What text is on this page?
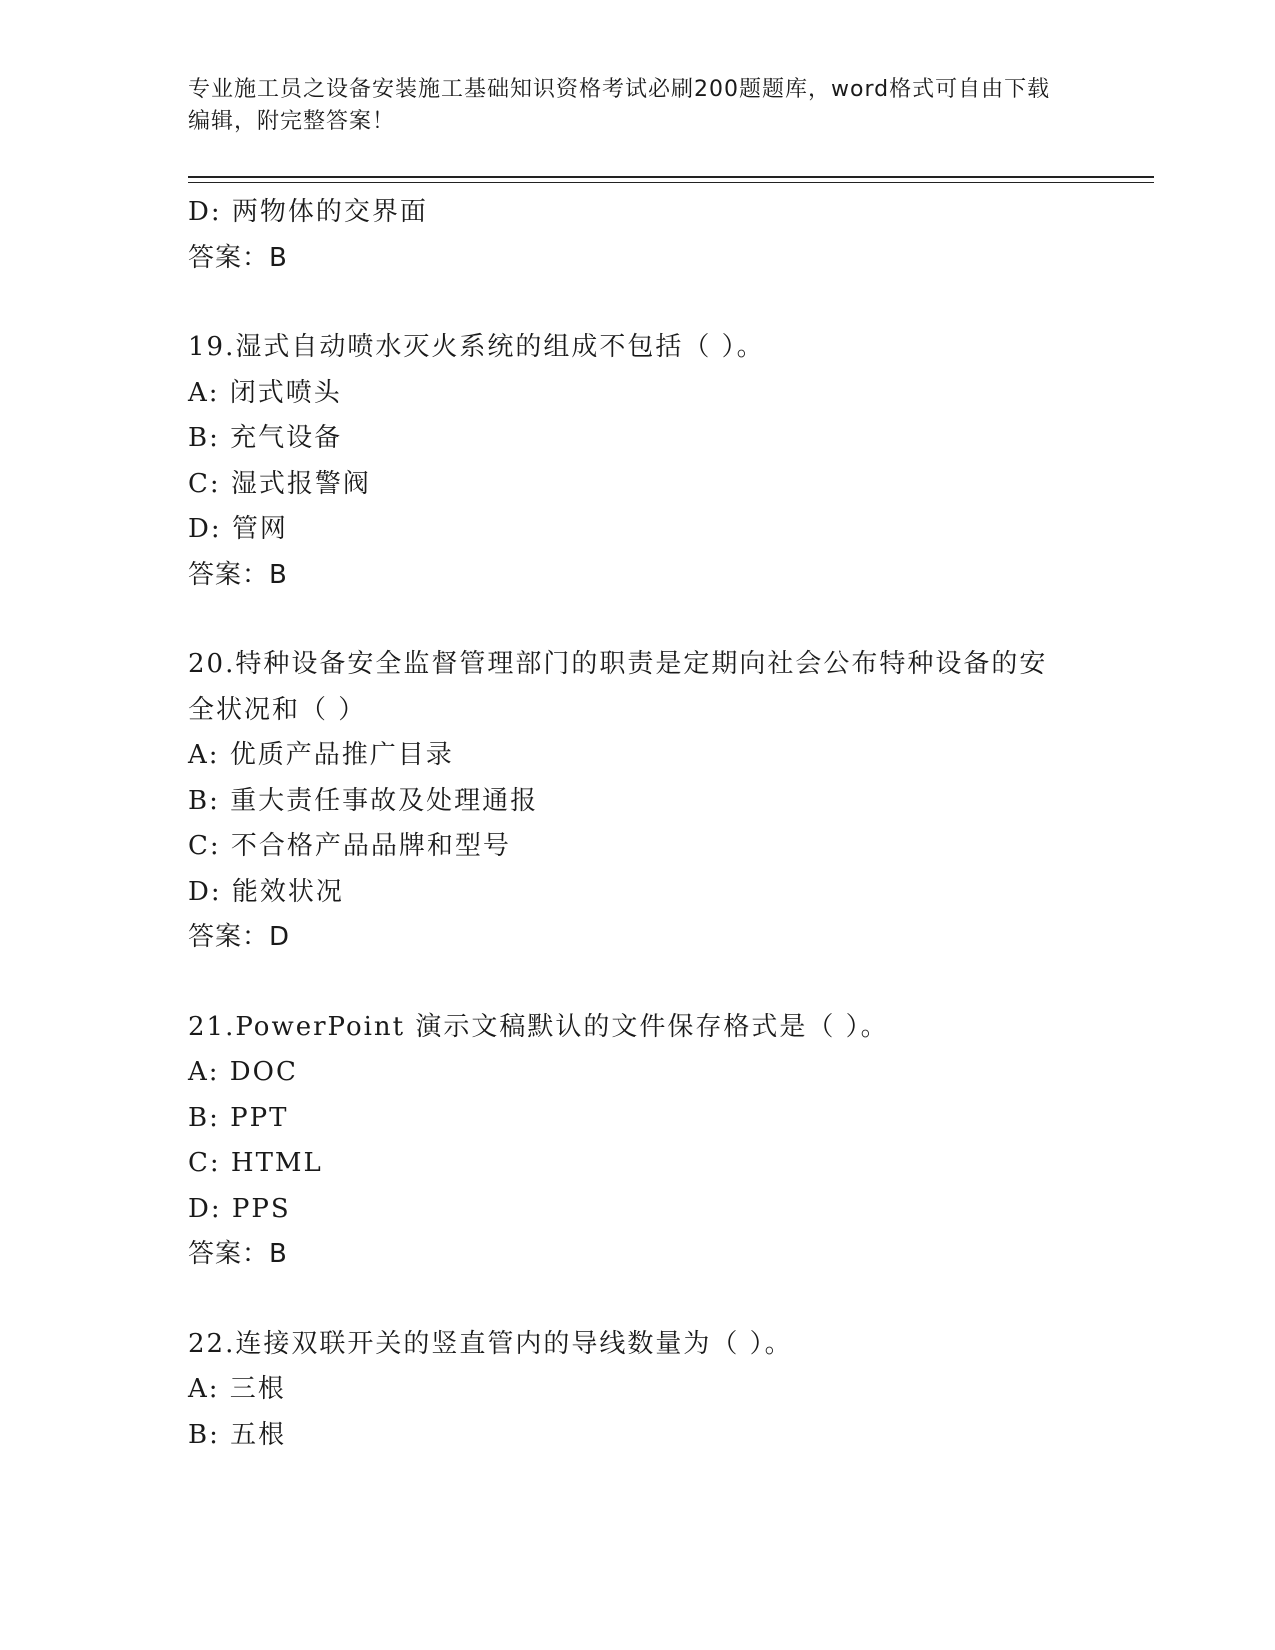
专业施工员之设备安装施工基础知识资格考试必刷200题题库，word格式可自由下载编辑，附完整答案！
D: 两物体的交界面
答案：B
19.湿式自动喷水灭火系统的组成不包括（ ）。
A: 闭式喷头
B: 充气设备
C: 湿式报警阀
D: 管网
答案：B
20.特种设备安全监督管理部门的职责是定期向社会公布特种设备的安全状况和（ ）
A: 优质产品推广目录
B: 重大责任事故及处理通报
C: 不合格产品品牌和型号
D: 能效状况
答案：D
21.PowerPoint 演示文稿默认的文件保存格式是（ ）。
A: DOC
B: PPT
C: HTML
D: PPS
答案：B
22.连接双联开关的竖直管内的导线数量为（ ）。
A: 三根
B: 五根
